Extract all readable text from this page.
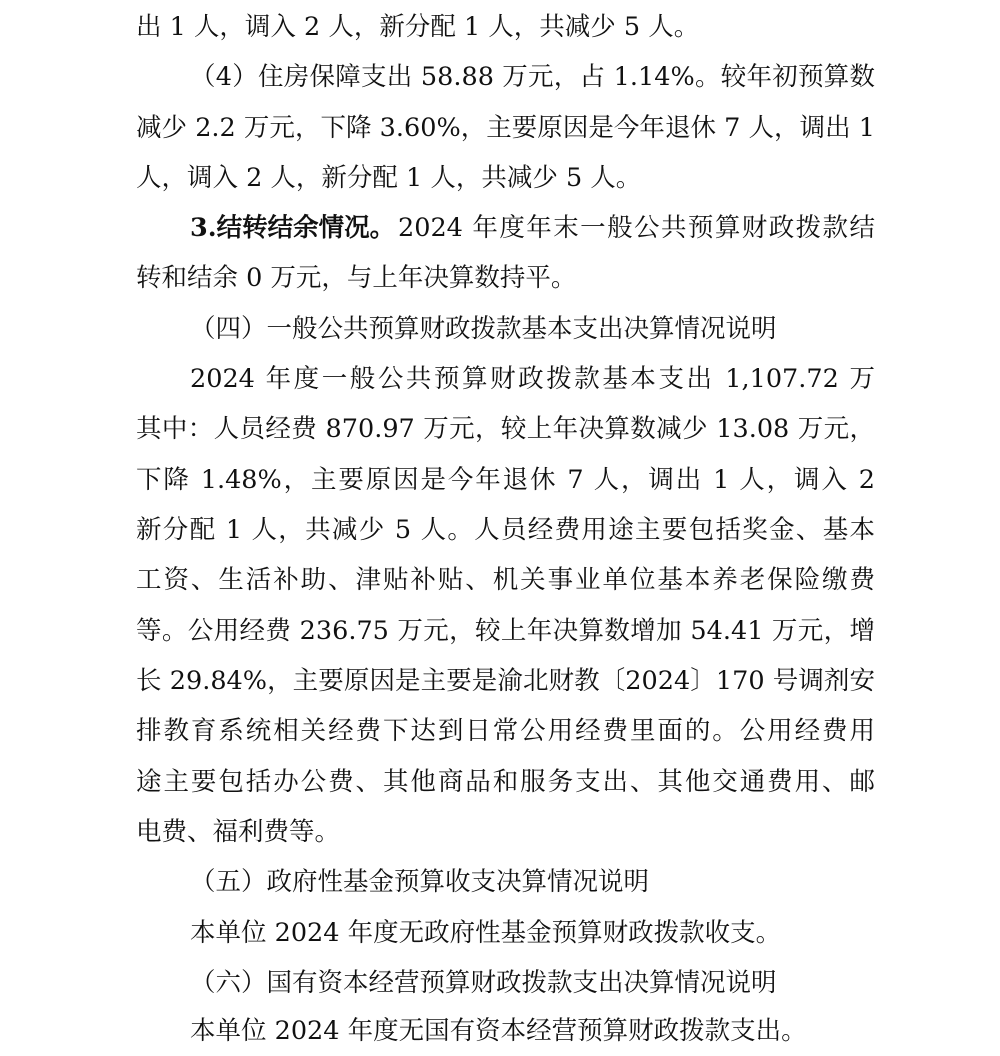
出 1 人，调入 2 人，新分配 1 人，共减少 5 人。
（4）住房保障支出 58.88 万元，占 1.14%。较年初预算数
减少 2.2 万元，下降 3.60%，主要原因是今年退休 7 人，调出 1
人，调入 2 人，新分配 1 人，共减少 5 人。
3.结转结余情况。 2024 年度年末一般公共预算财政拨款结
转和结余 0 万元，与上年决算数持平。
（四）一般公共预算财政拨款基本支出决算情况说明
2024 年度一般公共预算财政拨款基本支出 1,107.72 万
其中：人员经费 870.97 万元，较上年决算数减少 13.08 万元，
下降 1.48%，主要原因是今年退休 7 人，调出 1 人，调入 2
新分配 1 人，共减少 5 人。人员经费用途主要包括奖金、基本
工资、生活补助、津贴补贴、机关事业单位基本养老保险缴费
等。公用经费 236.75 万元，较上年决算数增加 54.41 万元，增
长 29.84%，主要原因是主要是渝北财教〔2024〕170 号调剂安
排教育系统相关经费下达到日常公用经费里面的。公用经费用
途主要包括办公费、其他商品和服务支出、其他交通费用、邮
电费、福利费等。
（五）政府性基金预算收支决算情况说明
本单位 2024 年度无政府性基金预算财政拨款收支。
（六）国有资本经营预算财政拨款支出决算情况说明
本单位 2024 年度无国有资本经营预算财政拨款支出。
